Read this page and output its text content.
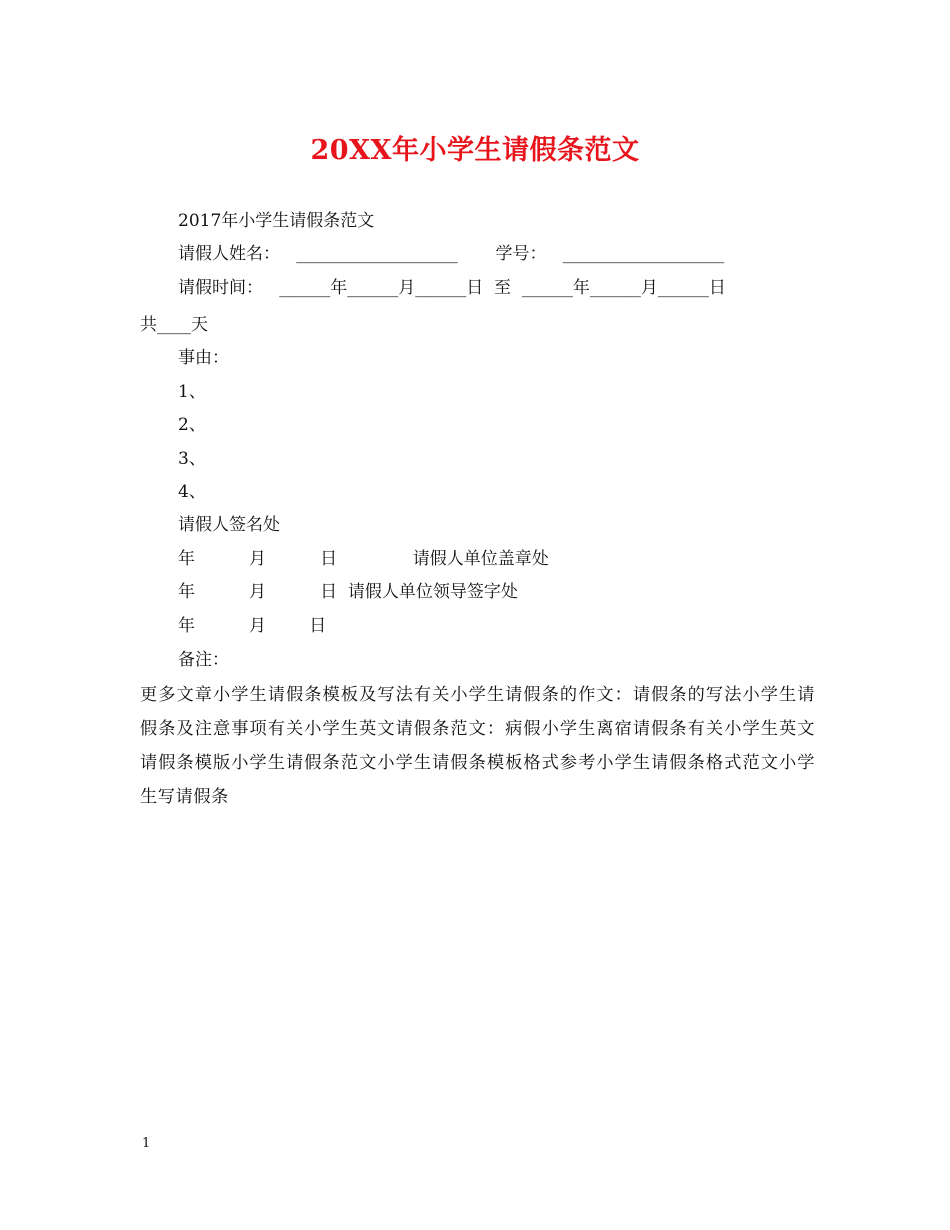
20XX年小学生请假条范文
2017年小学生请假条范文
请假人姓名：   ___________________       学号：   ___________________
请假时间：   ______年______月______日  至  ______年______月______日
共____天
事由：
1、
2、
3、
4、
请假人签名处
年          月          日              请假人单位盖章处
年          月          日  请假人单位领导签字处
年          月        日
备注：
更多文章小学生请假条模板及写法有关小学生请假条的作文：请假条的写法小学生请假条及注意事项有关小学生英文请假条范文：病假小学生离宿请假条有关小学生英文请假条模版小学生请假条范文小学生请假条模板格式参考小学生请假条格式范文小学生写请假条
1
